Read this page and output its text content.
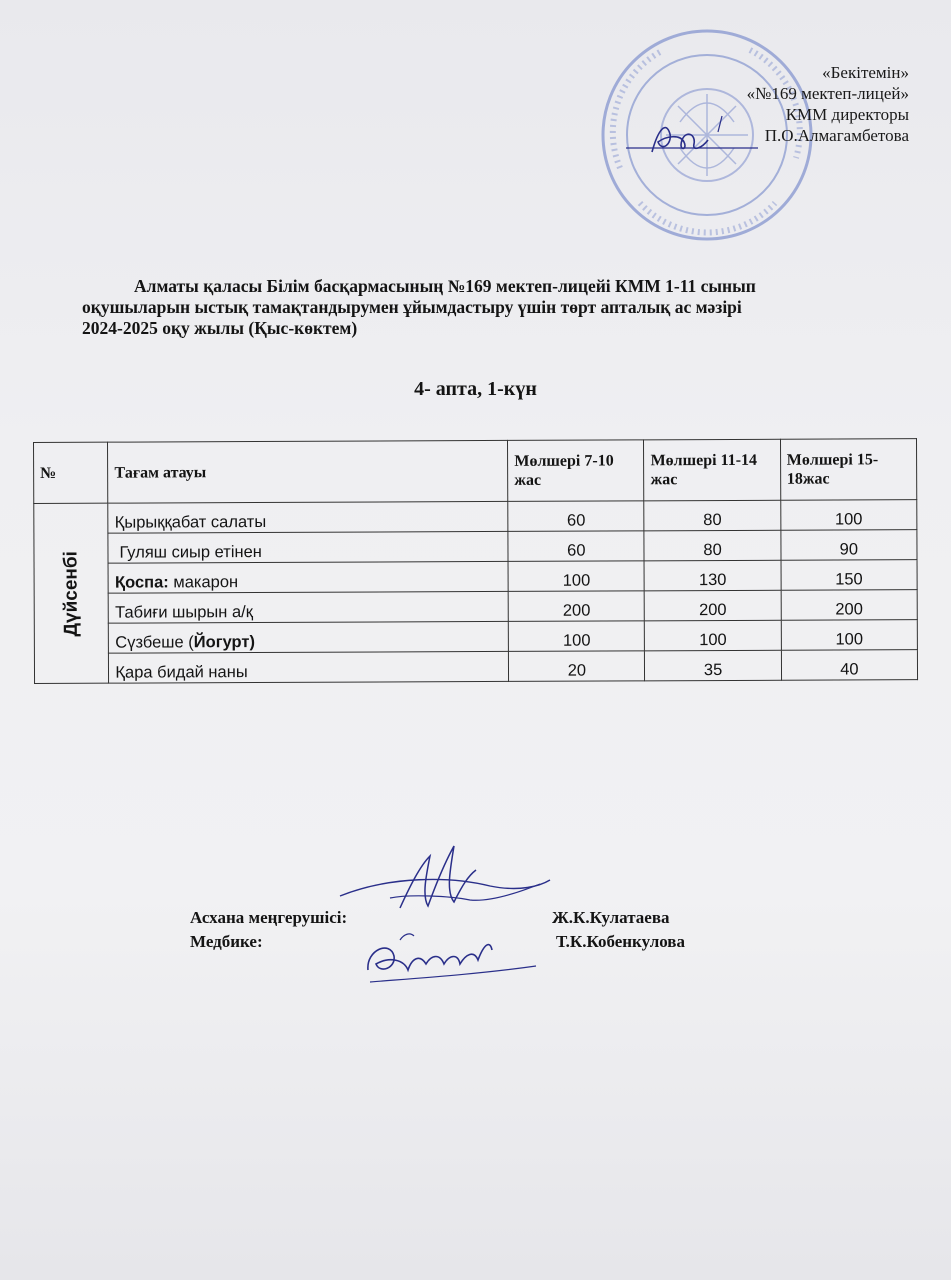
«Бекітемін»
«№169 мектеп-лицей»
КММ директоры
П.О.Алмагамбетова
Алматы қаласы Білім басқармасының №169 мектеп-лицейі КММ 1-11 сынып
оқушыларын ыстық тамақтандырумен ұйымдастыру үшін төрт апталық ас мәзірі
2024-2025 оқу жылы (Қыс-көктем)
4- апта, 1-күн
№	Тағам атауы	Мөлшері 7-10 жас	Мөлшері 11-14 жас	Мөлшері 15-18жас

Дүйсенбі	Қырыққабат салаты	60	80	100
	Гуляш сиыр етінен	60	80	90
	Қоспа: макарон	100	130	150
	Табиғи шырын а/қ	200	200	200
	Сүзбеше (Йогурт)	100	100	100
	Қара бидай наны	20	35	40
Асхана меңгерушісі:
Медбике:
Ж.К.Кулатаева
Т.К.Кобенкулова
